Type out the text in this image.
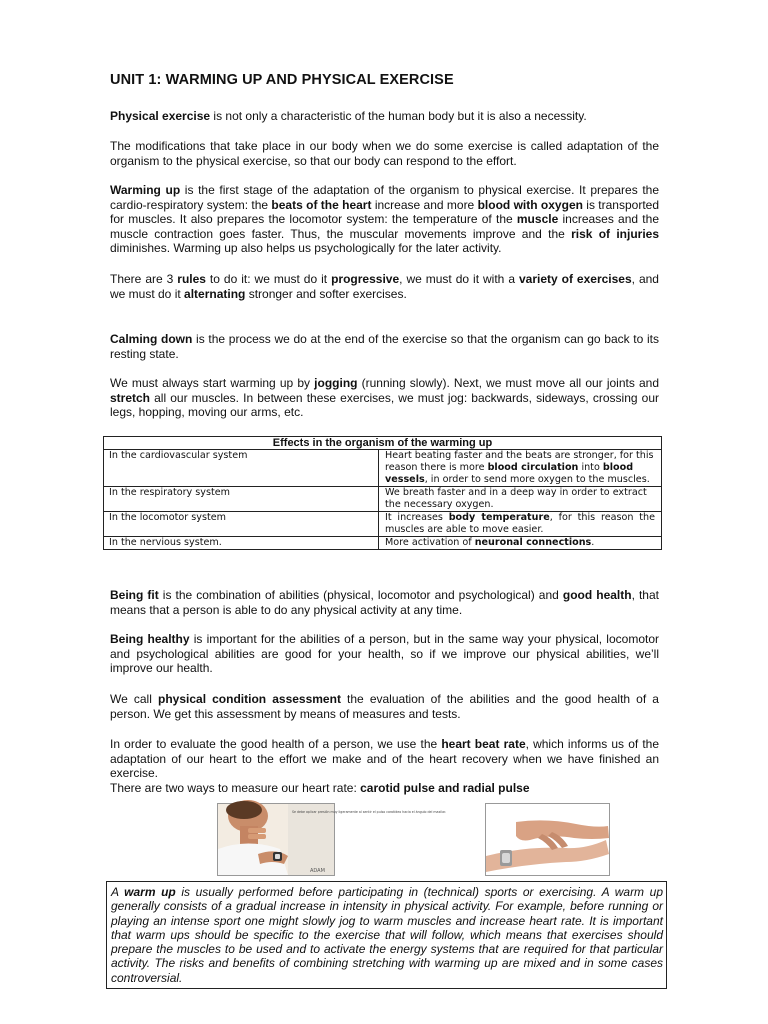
UNIT 1: WARMING UP AND PHYSICAL EXERCISE

Physical exercise is not only a characteristic of the human body but it is also a necessity.

The modifications that take place in our body when we do some exercise is called adaptation of the organism to the physical exercise, so that our body can respond to the effort.

Warming up is the first stage of the adaptation of the organism to physical exercise. It prepares the cardio-respiratory system: the beats of the heart increase and more blood with oxygen is transported for muscles. It also prepares the locomotor system: the temperature of the muscle increases and the muscle contraction goes faster. Thus, the muscular movements improve and the risk of injuries diminishes. Warming up also helps us psychologically for the later activity.

There are 3 rules to do it: we must do it progressive, we must do it with a variety of exercises, and we must do it alternating stronger and softer exercises.

Calming down is the process we do at the end of the exercise so that the organism can go back to its resting state.

We must always start warming up by jogging (running slowly). Next, we must move all our joints and stretch all our muscles. In between these exercises, we must jog: backwards, sideways, crossing our legs, hopping, moving our arms, etc.

Effects in the organism of the warming up	
In the cardiovascular system	Heart beating faster and the beats are stronger, for this reason there is more blood circulation into blood vessels, in order to send more oxygen to the muscles.
In the respiratory system	We breath faster and in a deep way in order to extract the necessary oxygen.
In the locomotor system	It increases body temperature, for this reason the muscles are able to move easier.
In the nervious system.	More activation of neuronal connections.

Being fit is the combination of abilities (physical, locomotor and psychological) and good health, that means that a person is able to do any physical activity at any time.

Being healthy is important for the abilities of a person, but in the same way your physical, locomotor and psychological abilities are good for your health, so if we improve our physical abilities, we’ll improve our health.

We call physical condition assessment the evaluation of the abilities and the good health of a person. We get this assessment by means of measures and tests.

In order to evaluate the good health of a person, we use the heart beat rate, which informs us of the adaptation of our heart to the effort we make and of the heart recovery when we have finished an exercise.
There are two ways to measure our heart rate: carotid pulse and radial pulse

Se debe aplicar presión muy ligeramente al sentir el pulso carotídeo hacia el ángulo del maxilar.
ADAM
A warm up is usually performed before participating in (technical) sports or exercising. A warm up generally consists of a gradual increase in intensity in physical activity. For example, before running or playing an intense sport one might slowly jog to warm muscles and increase heart rate. It is important that warm ups should be specific to the exercise that will follow, which means that exercises should prepare the muscles to be used and to activate the energy systems that are required for that particular activity. The risks and benefits of combining stretching with warming up are mixed and in some cases controversial.
